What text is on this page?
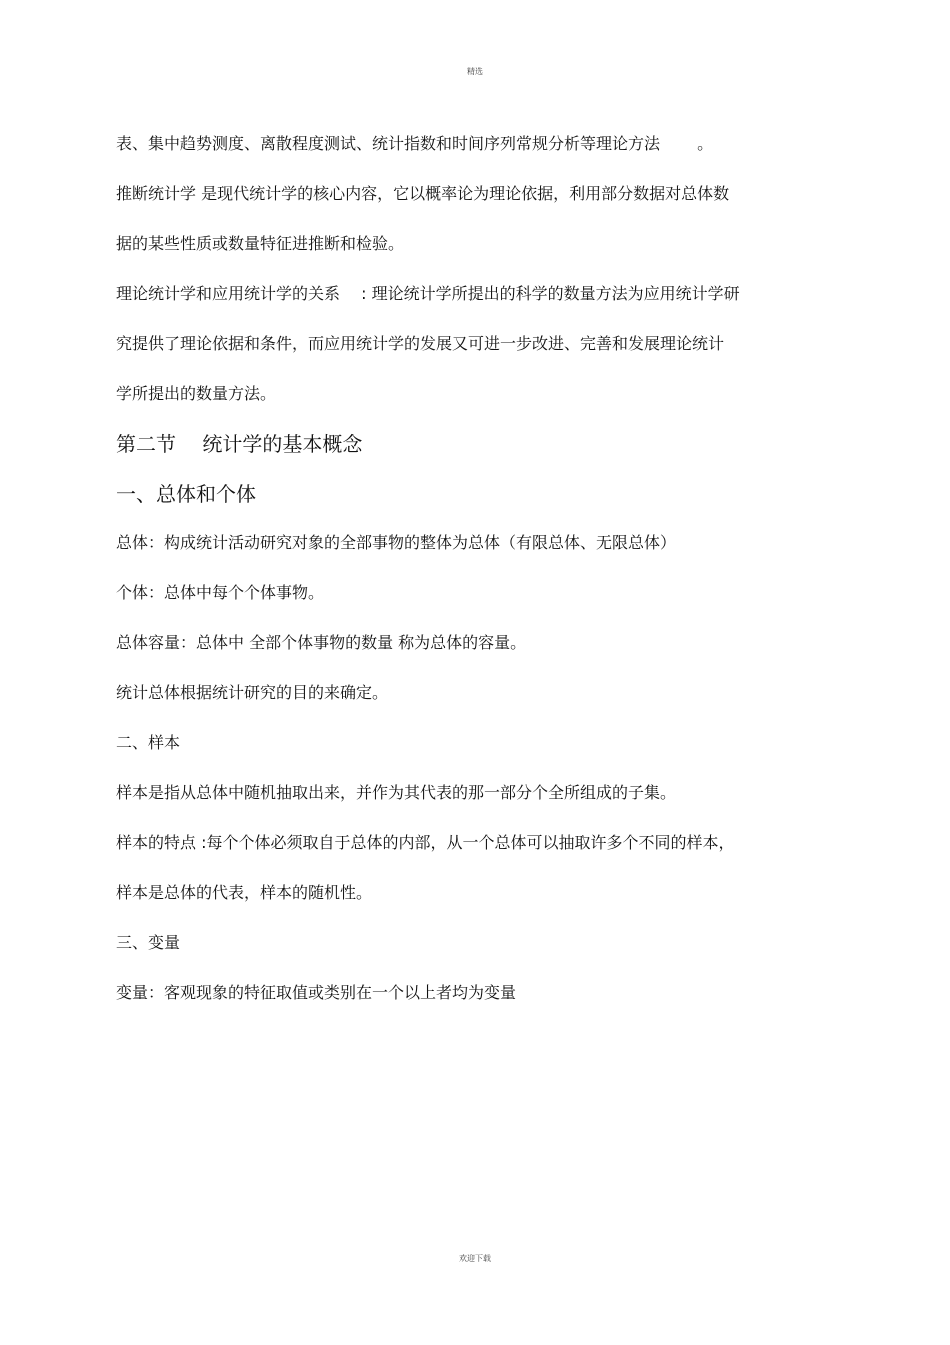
精选
表、集中趋势测度、离散程度测试、统计指数和时间序列常规分析等理论方法 　　。
推断统计学 是现代统计学的核心内容，它以概率论为理论依据，利用部分数据对总体数
据的某些性质或数量特征进推断和检验。
理论统计学和应用统计学的关系 　: 理论统计学所提出的科学的数量方法为应用统计学研
究提供了理论依据和条件，而应用统计学的发展又可进一步改进、完善和发展理论统计
学所提出的数量方法。
第二节 　统计学的基本概念
一、总体和个体
总体：构成统计活动研究对象的全部事物的整体为总体（有限总体、无限总体）
个体：总体中每个个体事物。
总体容量：总体中 全部个体事物的数量 称为总体的容量。
统计总体根据统计研究的目的来确定。
二、样本
样本是指从总体中随机抽取出来，并作为其代表的那一部分个全所组成的子集。
样本的特点 :每个个体必须取自于总体的内部，从一个总体可以抽取许多个不同的样本，
样本是总体的代表，样本的随机性。
三、变量
变量：客观现象的特征取值或类别在一个以上者均为变量
欢迎下载
